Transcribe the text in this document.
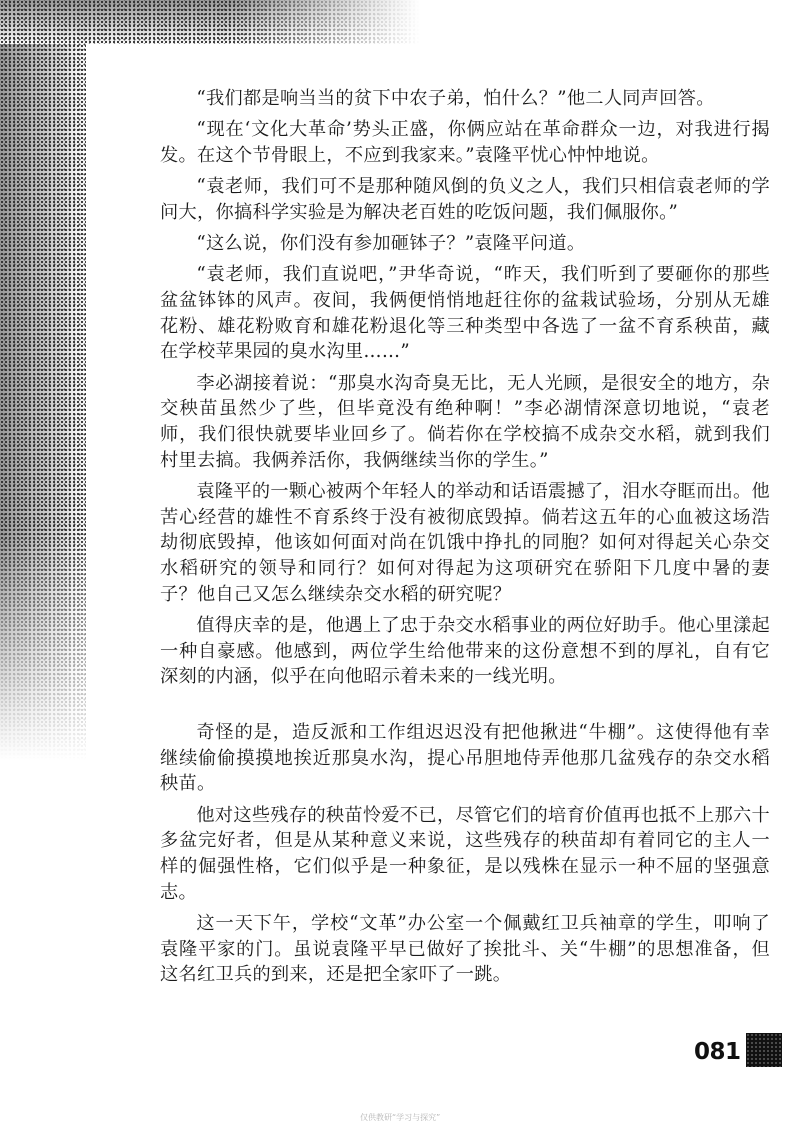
“我们都是响当当的贫下中农子弟，怕什么？”他二人同声回答。

“现在‘文化大革命’势头正盛，你俩应站在革命群众一边，对我进行揭发。在这个节骨眼上，不应到我家来。”袁隆平忧心忡忡地说。

“袁老师，我们可不是那种随风倒的负义之人，我们只相信袁老师的学问大，你搞科学实验是为解决老百姓的吃饭问题，我们佩服你。”

“这么说，你们没有参加砸钵子？”袁隆平问道。

“袁老师，我们直说吧，”尹华奇说，“昨天，我们听到了要砸你的那些盆盆钵钵的风声。夜间，我俩便悄悄地赶往你的盆栽试验场，分别从无雄花粉、雄花粉败育和雄花粉退化等三种类型中各选了一盆不育系秧苗，藏在学校苹果园的臭水沟里……”

李必湖接着说：“那臭水沟奇臭无比，无人光顾，是很安全的地方，杂交秧苗虽然少了些，但毕竟没有绝种啊！”李必湖情深意切地说，“袁老师，我们很快就要毕业回乡了。倘若你在学校搞不成杂交水稻，就到我们村里去搞。我俩养活你，我俩继续当你的学生。”

袁隆平的一颗心被两个年轻人的举动和话语震撼了，泪水夺眶而出。他苦心经营的雄性不育系终于没有被彻底毁掉。倘若这五年的心血被这场浩劫彻底毁掉，他该如何面对尚在饥饿中挣扎的同胞？如何对得起关心杂交水稻研究的领导和同行？如何对得起为这项研究在骄阳下几度中暑的妻子？他自己又怎么继续杂交水稻的研究呢？

值得庆幸的是，他遇上了忠于杂交水稻事业的两位好助手。他心里漾起一种自豪感。他感到，两位学生给他带来的这份意想不到的厚礼，自有它深刻的内涵，似乎在向他昭示着未来的一线光明。

奇怪的是，造反派和工作组迟迟没有把他揪进“牛棚”。这使得他有幸继续偷偷摸摸地挨近那臭水沟，提心吊胆地侍弄他那几盆残存的杂交水稻秧苗。

他对这些残存的秧苗怜爱不已，尽管它们的培育价值再也抵不上那六十多盆完好者，但是从某种意义来说，这些残存的秧苗却有着同它的主人一样的倔强性格，它们似乎是一种象征，是以残株在显示一种不屈的坚强意志。

这一天下午，学校“文革”办公室一个佩戴红卫兵袖章的学生，叩响了袁隆平家的门。虽说袁隆平早已做好了挨批斗、关“牛棚”的思想准备，但这名红卫兵的到来，还是把全家吓了一跳。

081
仅供教研“学习与探究”
